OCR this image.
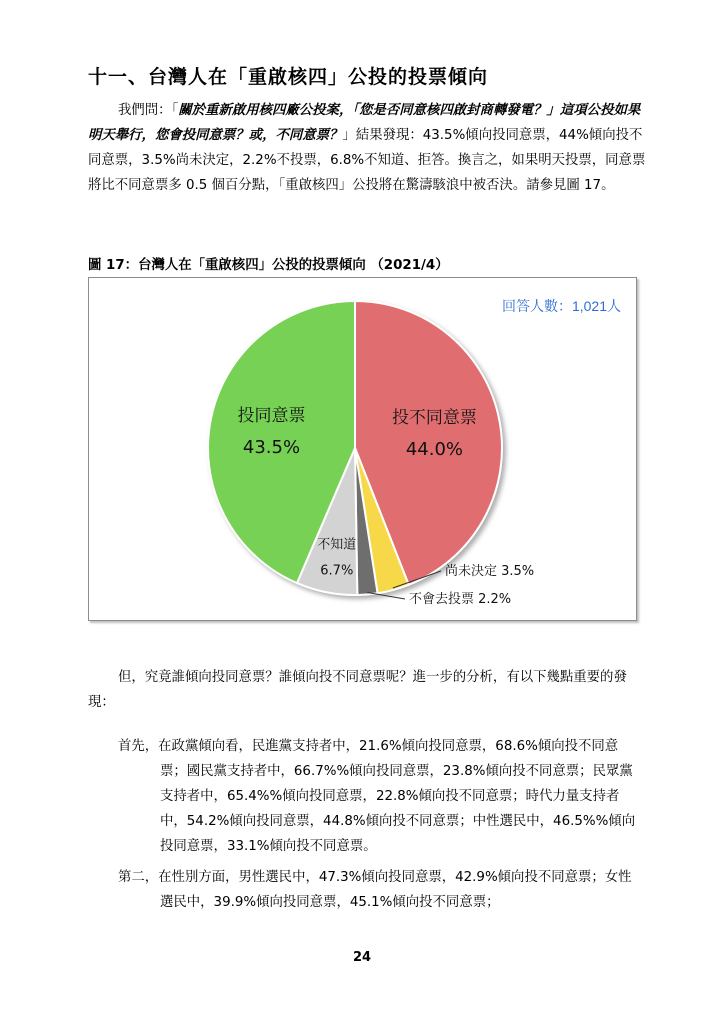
十一、台灣人在「重啟核四」公投的投票傾向

我們問：「關於重新啟用核四廠公投案，「您是否同意核四啟封商轉發電？」這項公投如果明天舉行，您會投同意票？或，不同意票？」結果發現：43.5%傾向投同意票，44%傾向投不同意票，3.5%尚未決定，2.2%不投票，6.8%不知道、拒答。換言之，如果明天投票，同意票將比不同意票多 0.5 個百分點，「重啟核四」公投將在驚濤駭浪中被否決。請參見圖 17。

圖 17：台灣人在「重啟核四」公投的投票傾向 （2021/4）
回答人數：1,021人
投不同意票
44.0%
投同意票
43.5%
不知道
6.7%	尚未決定 3.5%
不會去投票 2.2%

但，究竟誰傾向投同意票？誰傾向投不同意票呢？進一步的分析，有以下幾點重要的發現：

首先，在政黨傾向看，民進黨支持者中，21.6%傾向投同意票，68.6%傾向投不同意票；國民黨支持者中，66.7%%傾向投同意票，23.8%傾向投不同意票；民眾黨支持者中，65.4%%傾向投同意票，22.8%傾向投不同意票；時代力量支持者中，54.2%傾向投同意票，44.8%傾向投不同意票；中性選民中，46.5%%傾向投同意票，33.1%傾向投不同意票。

第二，在性別方面，男性選民中，47.3%傾向投同意票，42.9%傾向投不同意票；女性選民中，39.9%傾向投同意票，45.1%傾向投不同意票；

24
